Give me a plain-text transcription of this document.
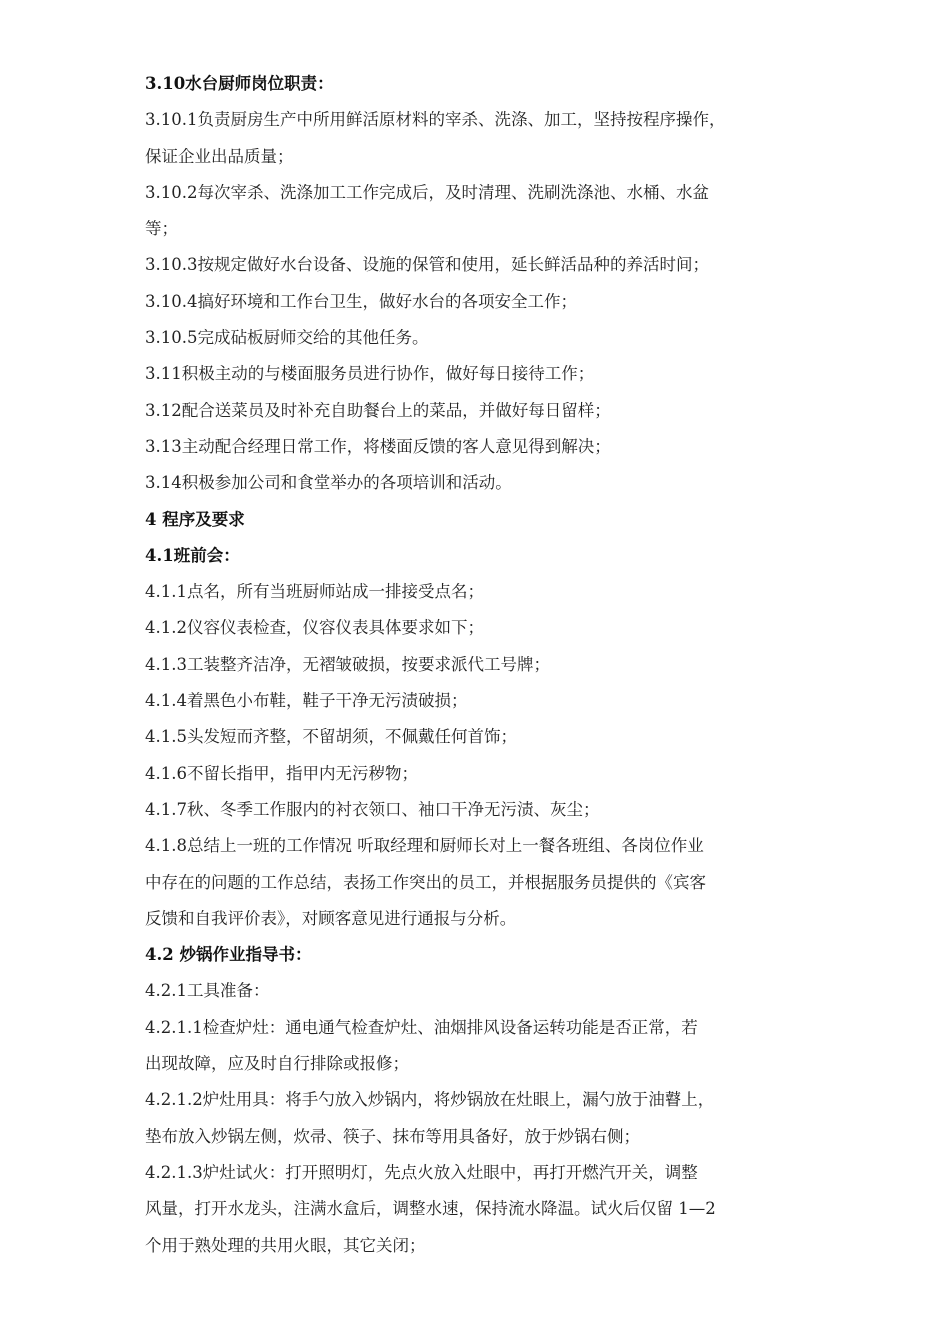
3.10水台厨师岗位职责：
3.10.1负责厨房生产中所用鲜活原材料的宰杀、洗涤、加工，坚持按程序操作，
保证企业出品质量；
3.10.2每次宰杀、洗涤加工工作完成后，及时清理、洗刷洗涤池、水桶、水盆
等；
3.10.3按规定做好水台设备、设施的保管和使用，延长鲜活品种的养活时间；
3.10.4搞好环境和工作台卫生，做好水台的各项安全工作；
3.10.5完成砧板厨师交给的其他任务。
3.11积极主动的与楼面服务员进行协作，做好每日接待工作；
3.12配合送菜员及时补充自助餐台上的菜品，并做好每日留样；
3.13主动配合经理日常工作，将楼面反馈的客人意见得到解决；
3.14积极参加公司和食堂举办的各项培训和活动。
4 程序及要求
4.1班前会：
4.1.1点名，所有当班厨师站成一排接受点名；
4.1.2仪容仪表检查，仪容仪表具体要求如下；
4.1.3工装整齐洁净，无褶皱破损，按要求派代工号牌；
4.1.4着黑色小布鞋，鞋子干净无污渍破损；
4.1.5头发短而齐整，不留胡须，不佩戴任何首饰；
4.1.6不留长指甲，指甲内无污秽物；
4.1.7秋、冬季工作服内的衬衣领口、袖口干净无污渍、灰尘；
4.1.8总结上一班的工作情况 听取经理和厨师长对上一餐各班组、各岗位作业
中存在的问题的工作总结，表扬工作突出的员工，并根据服务员提供的《宾客
反馈和自我评价表》，对顾客意见进行通报与分析。
4.2 炒锅作业指导书：
4.2.1工具准备：
4.2.1.1检查炉灶：通电通气检查炉灶、油烟排风设备运转功能是否正常，若
出现故障，应及时自行排除或报修；
4.2.1.2炉灶用具：将手勺放入炒锅内，将炒锅放在灶眼上，漏勺放于油瞽上，
垫布放入炒锅左侧，炊帚、筷子、抹布等用具备好，放于炒锅右侧；
4.2.1.3炉灶试火：打开照明灯，先点火放入灶眼中，再打开燃汽开关，调整
风量，打开水龙头，注满水盒后，调整水速，保持流水降温。试火后仅留 1—2
个用于熟处理的共用火眼，其它关闭；
